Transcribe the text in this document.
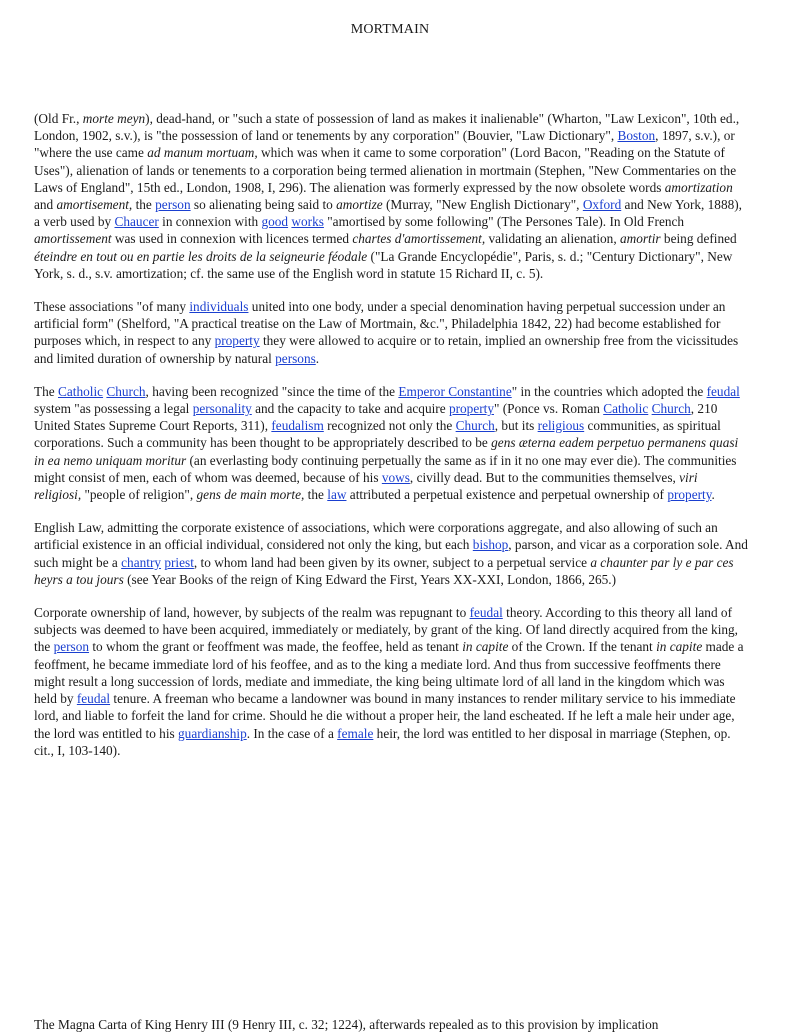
MORTMAIN

(Old Fr., morte meyn), dead-hand, or "such a state of possession of land as makes it inalienable" (Wharton, "Law Lexicon", 10th ed., London, 1902, s.v.), is "the possession of land or tenements by any corporation" (Bouvier, "Law Dictionary", Boston, 1897, s.v.), or "where the use came ad manum mortuam, which was when it came to some corporation" (Lord Bacon, "Reading on the Statute of Uses"), alienation of lands or tenements to a corporation being termed alienation in mortmain (Stephen, "New Commentaries on the Laws of England", 15th ed., London, 1908, I, 296). The alienation was formerly expressed by the now obsolete words amortization and amortisement, the person so alienating being said to amortize (Murray, "New English Dictionary", Oxford and New York, 1888), a verb used by Chaucer in connexion with good works "amortised by some following" (The Persones Tale). In Old French amortissement was used in connexion with licences termed chartes d'amortissement, validating an alienation, amortir being defined éteindre en tout ou en partie les droits de la seigneurie féodale ("La Grande Encyclopédie", Paris, s. d.; "Century Dictionary", New York, s. d., s.v. amortization; cf. the same use of the English word in statute 15 Richard II, c. 5).

These associations "of many individuals united into one body, under a special denomination having perpetual succession under an artificial form" (Shelford, "A practical treatise on the Law of Mortmain, &c.", Philadelphia 1842, 22) had become established for purposes which, in respect to any property they were allowed to acquire or to retain, implied an ownership free from the vicissitudes and limited duration of ownership by natural persons.

The Catholic Church, having been recognized "since the time of the Emperor Constantine" in the countries which adopted the feudal system "as possessing a legal personality and the capacity to take and acquire property" (Ponce vs. Roman Catholic Church, 210 United States Supreme Court Reports, 311), feudalism recognized not only the Church, but its religious communities, as spiritual corporations. Such a community has been thought to be appropriately described to be gens æterna eadem perpetuo permanens quasi in ea nemo uniquam moritur (an everlasting body continuing perpetually the same as if in it no one may ever die). The communities might consist of men, each of whom was deemed, because of his vows, civilly dead. But to the communities themselves, viri religiosi, "people of religion", gens de main morte, the law attributed a perpetual existence and perpetual ownership of property.

English Law, admitting the corporate existence of associations, which were corporations aggregate, and also allowing of such an artificial existence in an official individual, considered not only the king, but each bishop, parson, and vicar as a corporation sole. And such might be a chantry priest, to whom land had been given by its owner, subject to a perpetual service a chaunter par ly e par ces heyrs a tou jours (see Year Books of the reign of King Edward the First, Years XX-XXI, London, 1866, 265.)

Corporate ownership of land, however, by subjects of the realm was repugnant to feudal theory. According to this theory all land of subjects was deemed to have been acquired, immediately or mediately, by grant of the king. Of land directly acquired from the king, the person to whom the grant or feoffment was made, the feoffee, held as tenant in capite of the Crown. If the tenant in capite made a feoffment, he became immediate lord of his feoffee, and as to the king a mediate lord. And thus from successive feoffments there might result a long succession of lords, mediate and immediate, the king being ultimate lord of all land in the kingdom which was held by feudal tenure. A freeman who became a landowner was bound in many instances to render military service to his immediate lord, and liable to forfeit the land for crime. Should he die without a proper heir, the land escheated. If he left a male heir under age, the lord was entitled to his guardianship. In the case of a female heir, the lord was entitled to her disposal in marriage (Stephen, op. cit., I, 103-140).

The Magna Carta of King Henry III (9 Henry III, c. 32; 1224), afterwards repealed as to this provision by implication
